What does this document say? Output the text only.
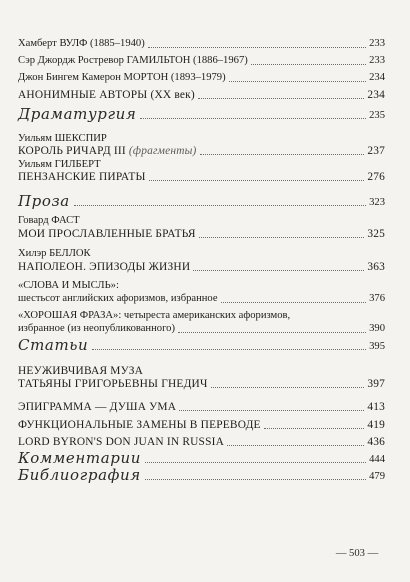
Хамберт ВУЛФ (1885–1940)	233
Сэр Джордж Ростревор ГАМИЛЬТОН (1886–1967)	233
Джон Бингем Камерон МОРТОН (1893–1979)	234
АНОНИМНЫЕ АВТОРЫ (XX век)	234
Драматургия	235
Уильям ШЕКСПИР
КОРОЛЬ РИЧАРД III (фрагменты)	237
Уильям ГИЛБЕРТ
ПЕНЗАНСКИЕ ПИРАТЫ	276
Проза	323
Говард ФАСТ
МОИ ПРОСЛАВЛЕННЫЕ БРАТЬЯ	325
Хилэр БЕЛЛОК
НАПОЛЕОН. ЭПИЗОДЫ ЖИЗНИ	363
«СЛОВА И МЫСЛЬ»:
шестьсот английских афоризмов, избранное	376
«ХОРОШАЯ ФРАЗА»: четыреста американских афоризмов,
избранное (из неопубликованного)	390
Статьи	395
НЕУЖИВЧИВАЯ МУЗА
ТАТЬЯНЫ ГРИГОРЬЕВНЫ ГНЕДИЧ	397
ЭПИГРАММА — ДУША УМА	413
ФУНКЦИОНАЛЬНЫЕ ЗАМЕНЫ В ПЕРЕВОДЕ	419
LORD BYRON'S DON JUAN IN RUSSIA	436
Комментарии	444
Библиография	479
— 503 —
